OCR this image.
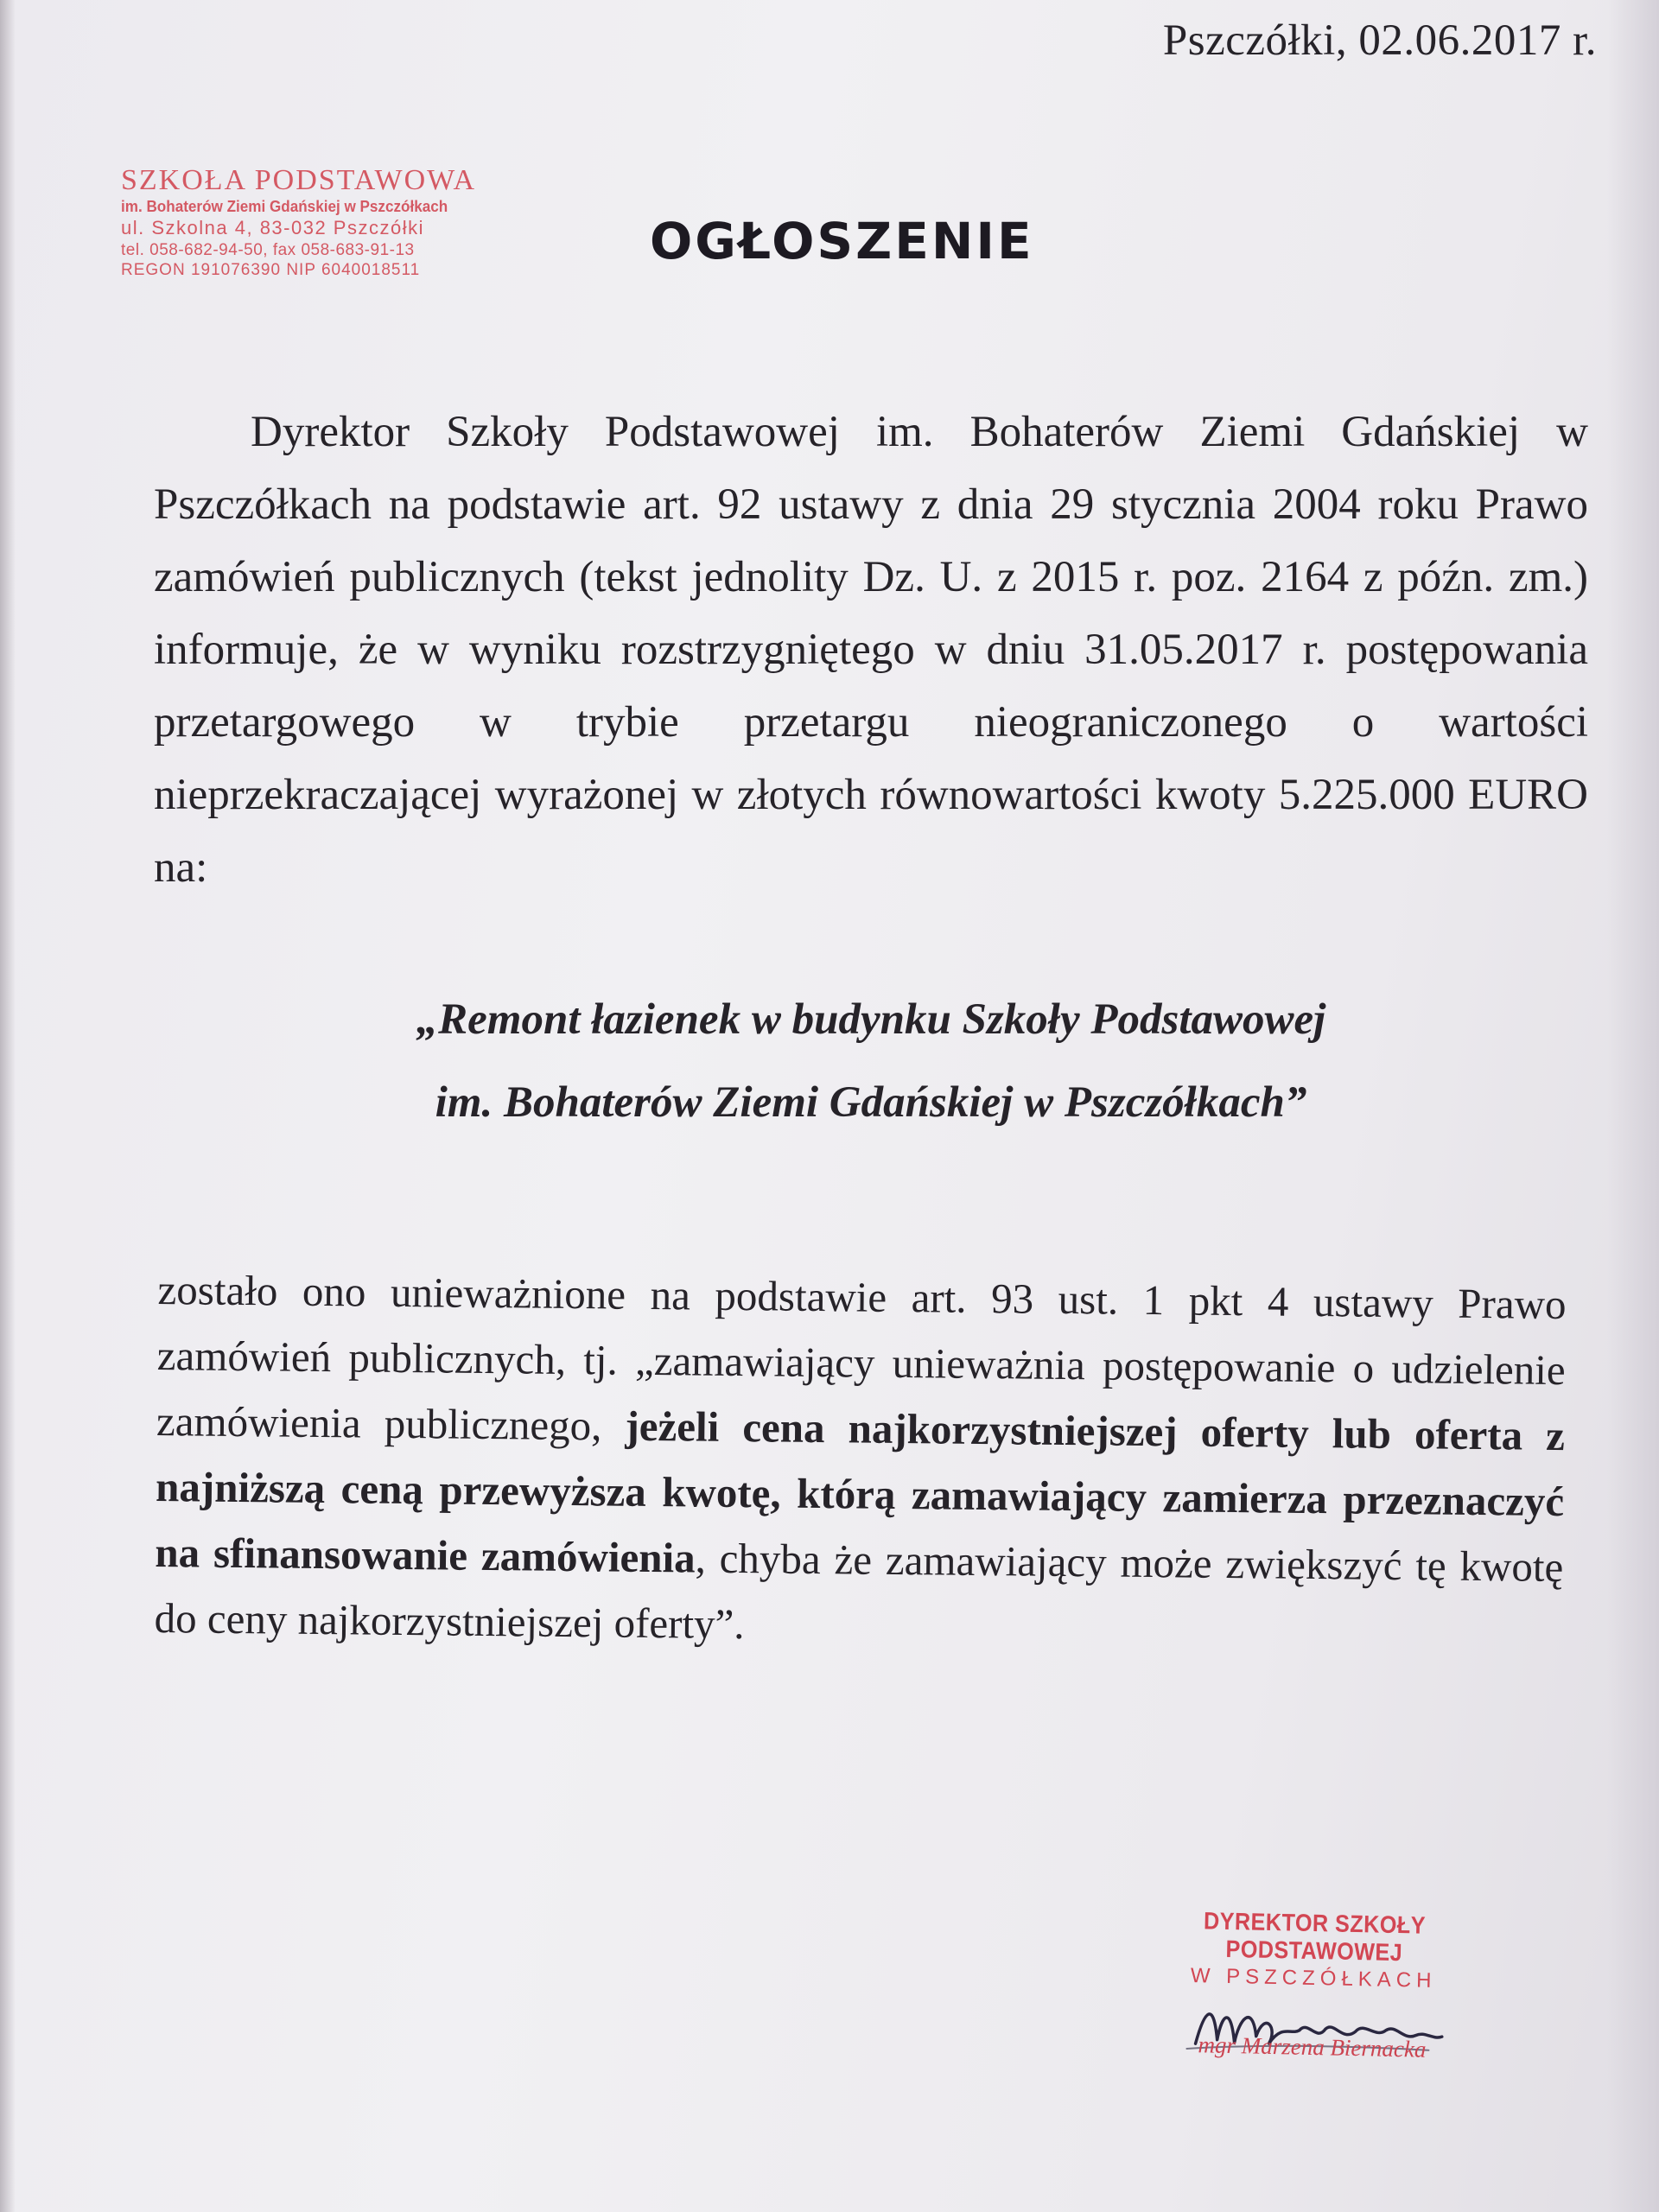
Pszczółki, 02.06.2017 r.
SZKOŁA PODSTAWOWA
im. Bohaterów Ziemi Gdańskiej w Pszczółkach
ul. Szkolna 4, 83-032 Pszczółki
tel. 058-682-94-50, fax 058-683-91-13
REGON 191076390 NIP 6040018511	OGŁOSZENIE
Dyrektor Szkoły Podstawowej im. Bohaterów Ziemi Gdańskiej w Pszczółkach na podstawie art. 92 ustawy z dnia 29 stycznia 2004 roku Prawo zamówień publicznych (tekst jednolity Dz. U. z 2015 r. poz. 2164 z późn. zm.) informuje, że w wyniku rozstrzygniętego w dniu 31.05.2017 r. postępowania przetargowego w trybie przetargu nieograniczonego o wartości nieprzekraczającej wyrażonej w złotych równowartości kwoty 5.225.000 EURO na:
„Remont łazienek w budynku Szkoły Podstawowej
im. Bohaterów Ziemi Gdańskiej w Pszczółkach”
zostało ono unieważnione na podstawie art. 93 ust. 1 pkt 4 ustawy Prawo zamówień publicznych, tj. „zamawiający unieważnia postępowanie o udzielenie zamówienia publicznego, jeżeli cena najkorzystniejszej oferty lub oferta z najniższą ceną przewyższa kwotę, którą zamawiający zamierza przeznaczyć na sfinansowanie zamówienia, chyba że zamawiający może zwiększyć tę kwotę do ceny najkorzystniejszej oferty”.
DYREKTOR SZKOŁY PODSTAWOWEJ
W PSZCZÓŁKACH
mgr Marzena Biernacka
